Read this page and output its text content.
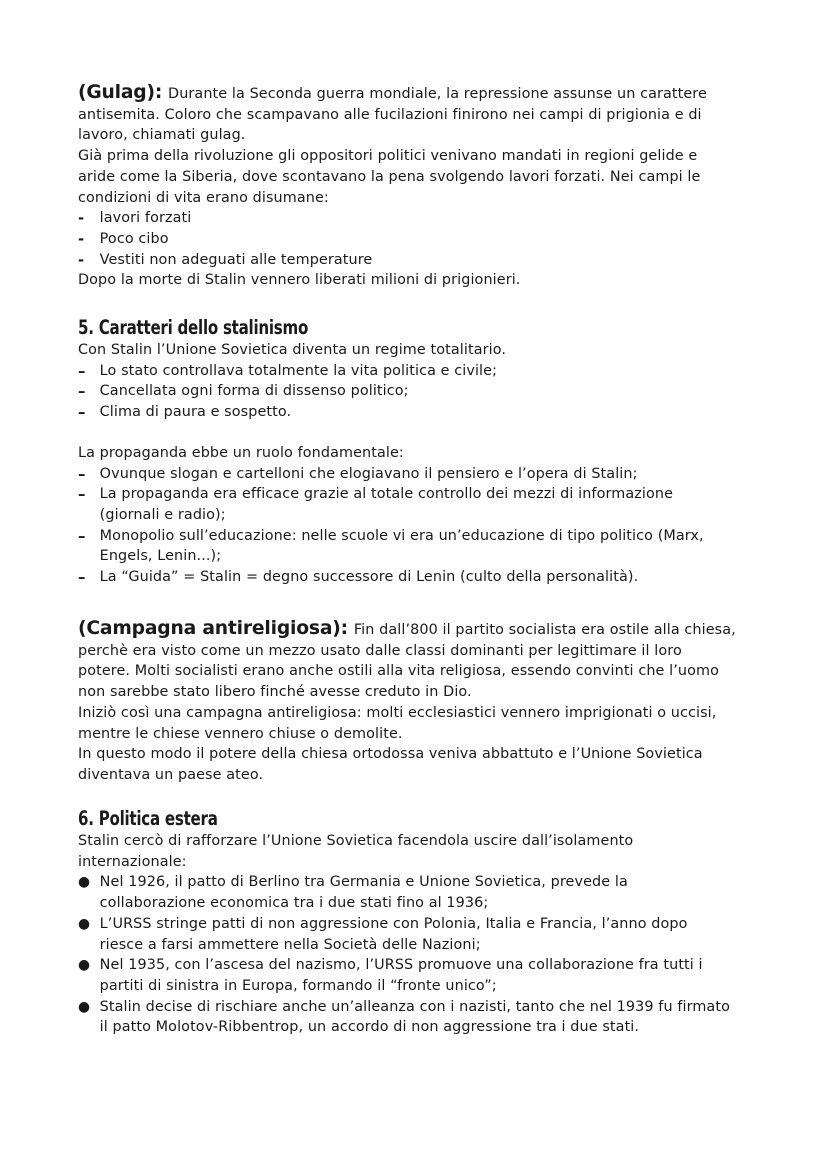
(Gulag): Durante la Seconda guerra mondiale, la repressione assunse un carattere
antisemita. Coloro che scampavano alle fucilazioni finirono nei campi di prigionia e di
lavoro, chiamati gulag.
Già prima della rivoluzione gli oppositori politici venivano mandati in regioni gelide e
aride come la Siberia, dove scontavano la pena svolgendo lavori forzati. Nei campi le
condizioni di vita erano disumane:
-	lavori forzati
-	Poco cibo
-	Vestiti non adeguati alle temperature
Dopo la morte di Stalin vennero liberati milioni di prigionieri.
5. Caratteri dello stalinismo
Con Stalin l’Unione Sovietica diventa un regime totalitario.
– Lo stato controllava totalmente la vita politica e civile;
– Cancellata ogni forma di dissenso politico;
– Clima di paura e sospetto.
La propaganda ebbe un ruolo fondamentale:
– Ovunque slogan e cartelloni che elogiavano il pensiero e l’opera di Stalin;
– La propaganda era efficace grazie al totale controllo dei mezzi di informazione
(giornali e radio);
– Monopolio sull’educazione: nelle scuole vi era un’educazione di tipo politico (Marx,
Engels, Lenin...);
– La “Guida” = Stalin = degno successore di Lenin (culto della personalità).
(Campagna antireligiosa): Fin dall’800 il partito socialista era ostile alla chiesa,
perchè era visto come un mezzo usato dalle classi dominanti per legittimare il loro
potere. Molti socialisti erano anche ostili alla vita religiosa, essendo convinti che l’uomo
non sarebbe stato libero finché avesse creduto in Dio.
Iniziò così una campagna antireligiosa: molti ecclesiastici vennero imprigionati o uccisi,
mentre le chiese vennero chiuse o demolite.
In questo modo il potere della chiesa ortodossa veniva abbattuto e l’Unione Sovietica
diventava un paese ateo.
6. Politica estera
Stalin cercò di rafforzare l’Unione Sovietica facendola uscire dall’isolamento
internazionale:
● Nel 1926, il patto di Berlino tra Germania e Unione Sovietica, prevede la
collaborazione economica tra i due stati fino al 1936;
● L’URSS stringe patti di non aggressione con Polonia, Italia e Francia, l’anno dopo
riesce a farsi ammettere nella Società delle Nazioni;
● Nel 1935, con l’ascesa del nazismo, l’URSS promuove una collaborazione fra tutti i
partiti di sinistra in Europa, formando il “fronte unico”;
● Stalin decise di rischiare anche un’alleanza con i nazisti, tanto che nel 1939 fu firmato
il patto Molotov-Ribbentrop, un accordo di non aggressione tra i due stati.
